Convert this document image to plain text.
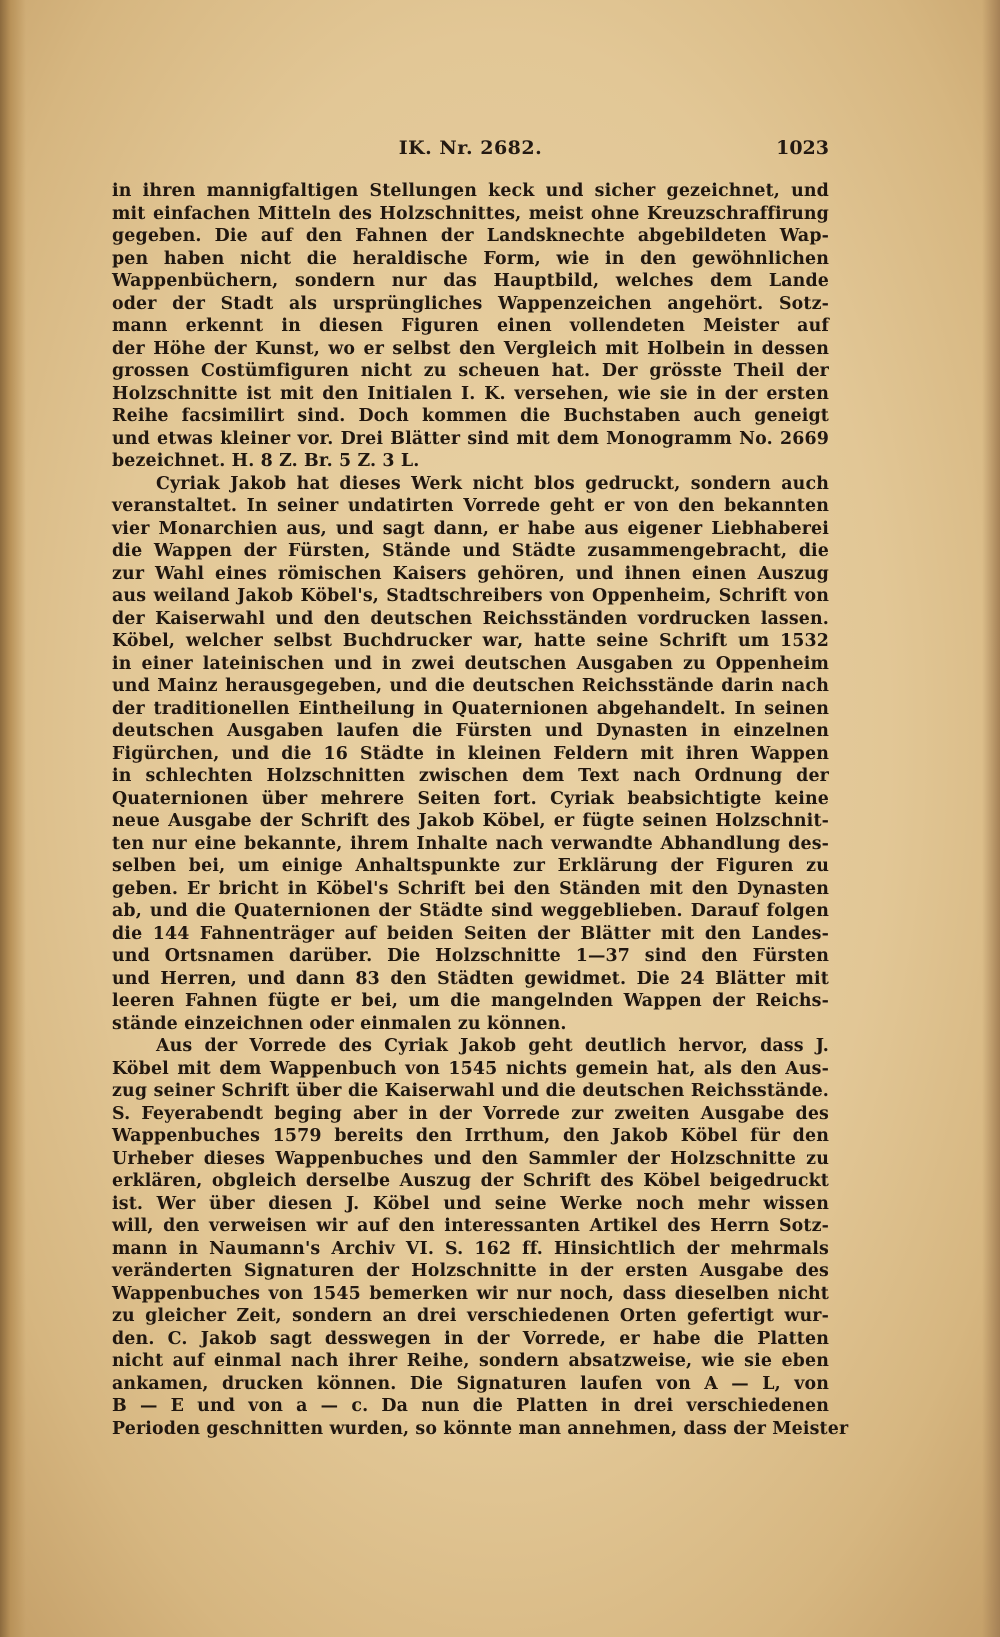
IK. Nr. 2682.	1023
in ihren mannigfaltigen Stellungen keck und sicher gezeichnet, und
mit einfachen Mitteln des Holzschnittes, meist ohne Kreuzschraffirung
gegeben. Die auf den Fahnen der Landsknechte abgebildeten Wap-
pen haben nicht die heraldische Form, wie in den gewöhnlichen
Wappenbüchern, sondern nur das Hauptbild, welches dem Lande
oder der Stadt als ursprüngliches Wappenzeichen angehört. Sotz-
mann erkennt in diesen Figuren einen vollendeten Meister auf
der Höhe der Kunst, wo er selbst den Vergleich mit Holbein in dessen
grossen Costümfiguren nicht zu scheuen hat. Der grösste Theil der
Holzschnitte ist mit den Initialen I. K. versehen, wie sie in der ersten
Reihe facsimilirt sind. Doch kommen die Buchstaben auch geneigt
und etwas kleiner vor. Drei Blätter sind mit dem Monogramm No. 2669
bezeichnet. H. 8 Z. Br. 5 Z. 3 L.
Cyriak Jakob hat dieses Werk nicht blos gedruckt, sondern auch
veranstaltet. In seiner undatirten Vorrede geht er von den bekannten
vier Monarchien aus, und sagt dann, er habe aus eigener Liebhaberei
die Wappen der Fürsten, Stände und Städte zusammengebracht, die
zur Wahl eines römischen Kaisers gehören, und ihnen einen Auszug
aus weiland Jakob Köbel's, Stadtschreibers von Oppenheim, Schrift von
der Kaiserwahl und den deutschen Reichsständen vordrucken lassen.
Köbel, welcher selbst Buchdrucker war, hatte seine Schrift um 1532
in einer lateinischen und in zwei deutschen Ausgaben zu Oppenheim
und Mainz herausgegeben, und die deutschen Reichsstände darin nach
der traditionellen Eintheilung in Quaternionen abgehandelt. In seinen
deutschen Ausgaben laufen die Fürsten und Dynasten in einzelnen
Figürchen, und die 16 Städte in kleinen Feldern mit ihren Wappen
in schlechten Holzschnitten zwischen dem Text nach Ordnung der
Quaternionen über mehrere Seiten fort. Cyriak beabsichtigte keine
neue Ausgabe der Schrift des Jakob Köbel, er fügte seinen Holzschnit-
ten nur eine bekannte, ihrem Inhalte nach verwandte Abhandlung des-
selben bei, um einige Anhaltspunkte zur Erklärung der Figuren zu
geben. Er bricht in Köbel's Schrift bei den Ständen mit den Dynasten
ab, und die Quaternionen der Städte sind weggeblieben. Darauf folgen
die 144 Fahnenträger auf beiden Seiten der Blätter mit den Landes-
und Ortsnamen darüber. Die Holzschnitte 1—37 sind den Fürsten
und Herren, und dann 83 den Städten gewidmet. Die 24 Blätter mit
leeren Fahnen fügte er bei, um die mangelnden Wappen der Reichs-
stände einzeichnen oder einmalen zu können.
Aus der Vorrede des Cyriak Jakob geht deutlich hervor, dass J.
Köbel mit dem Wappenbuch von 1545 nichts gemein hat, als den Aus-
zug seiner Schrift über die Kaiserwahl und die deutschen Reichsstände.
S. Feyerabendt beging aber in der Vorrede zur zweiten Ausgabe des
Wappenbuches 1579 bereits den Irrthum, den Jakob Köbel für den
Urheber dieses Wappenbuches und den Sammler der Holzschnitte zu
erklären, obgleich derselbe Auszug der Schrift des Köbel beigedruckt
ist. Wer über diesen J. Köbel und seine Werke noch mehr wissen
will, den verweisen wir auf den interessanten Artikel des Herrn Sotz-
mann in Naumann's Archiv VI. S. 162 ff. Hinsichtlich der mehrmals
veränderten Signaturen der Holzschnitte in der ersten Ausgabe des
Wappenbuches von 1545 bemerken wir nur noch, dass dieselben nicht
zu gleicher Zeit, sondern an drei verschiedenen Orten gefertigt wur-
den. C. Jakob sagt desswegen in der Vorrede, er habe die Platten
nicht auf einmal nach ihrer Reihe, sondern absatzweise, wie sie eben
ankamen, drucken können. Die Signaturen laufen von A — L, von
B — E und von a — c. Da nun die Platten in drei verschiedenen
Perioden geschnitten wurden, so könnte man annehmen, dass der Meister
